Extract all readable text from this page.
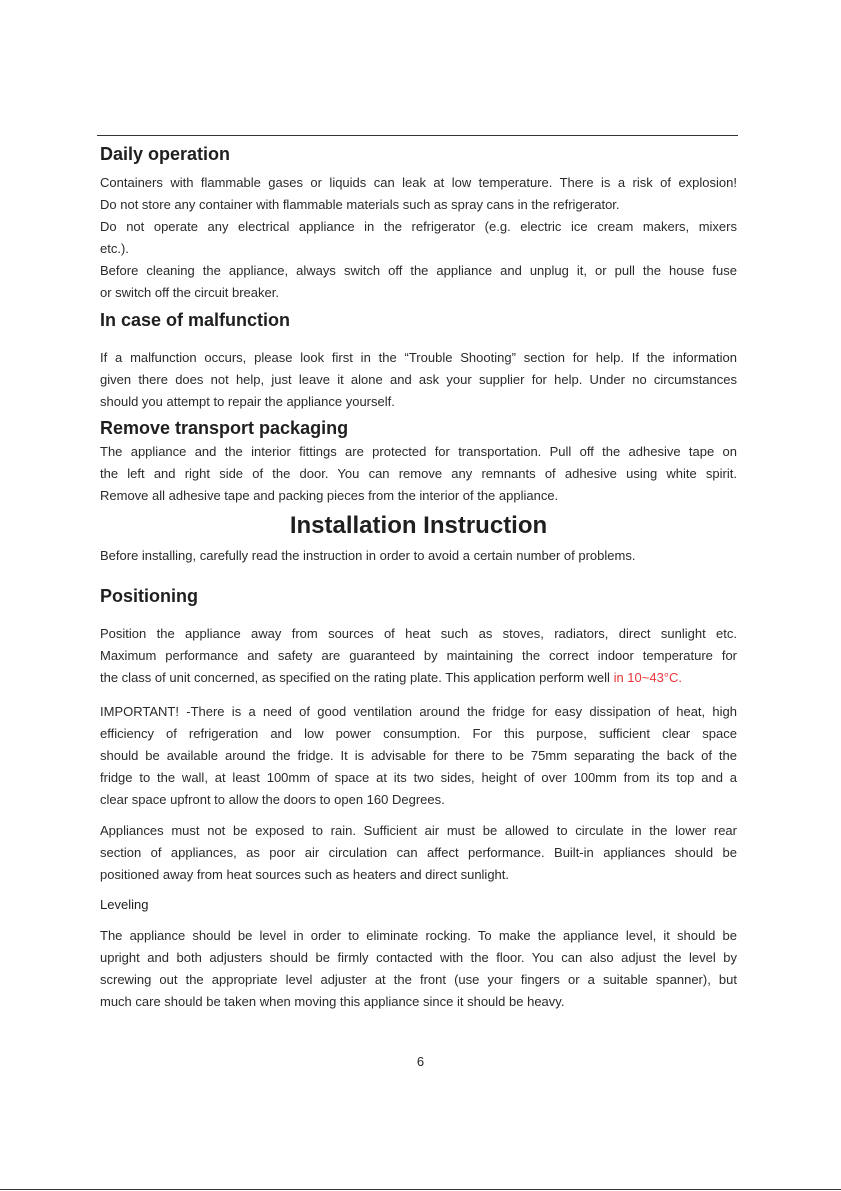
Daily operation

Containers with flammable gases or liquids can leak at low temperature. There is a risk of explosion!
Do not store any container with flammable materials such as spray cans in the refrigerator.
Do not operate any electrical appliance in the refrigerator (e.g. electric ice cream makers, mixers
etc.).
Before cleaning the appliance, always switch off the appliance and unplug it, or pull the house fuse
or switch off the circuit breaker.

In case of malfunction

If a malfunction occurs, please look first in the “Trouble Shooting” section for help. If the information
given there does not help, just leave it alone and ask your supplier for help. Under no circumstances
should you attempt to repair the appliance yourself.

Remove transport packaging

The appliance and the interior fittings are protected for transportation. Pull off the adhesive tape on
the left and right side of the door. You can remove any remnants of adhesive using white spirit.
Remove all adhesive tape and packing pieces from the interior of the appliance.

Installation Instruction

Before installing, carefully read the instruction in order to avoid a certain number of problems.

Positioning

Position the appliance away from sources of heat such as stoves, radiators, direct sunlight etc.
Maximum performance and safety are guaranteed by maintaining the correct indoor temperature for
the class of unit concerned, as specified on the rating plate. This application perform well in 10~43°C.

IMPORTANT! -There is a need of good ventilation around the fridge for easy dissipation of heat, high
efficiency of refrigeration and low power consumption. For this purpose, sufficient clear space
should be available around the fridge. It is advisable for there to be 75mm separating the back of the
fridge to the wall, at least 100mm of space at its two sides, height of over 100mm from its top and a
clear space upfront to allow the doors to open 160 Degrees.

Appliances must not be exposed to rain. Sufficient air must be allowed to circulate in the lower rear
section of appliances, as poor air circulation can affect performance. Built-in appliances should be
positioned away from heat sources such as heaters and direct sunlight.

Leveling

The appliance should be level in order to eliminate rocking. To make the appliance level, it should be
upright and both adjusters should be firmly contacted with the floor. You can also adjust the level by
screwing out the appropriate level adjuster at the front (use your fingers or a suitable spanner), but
much care should be taken when moving this appliance since it should be heavy.

6
